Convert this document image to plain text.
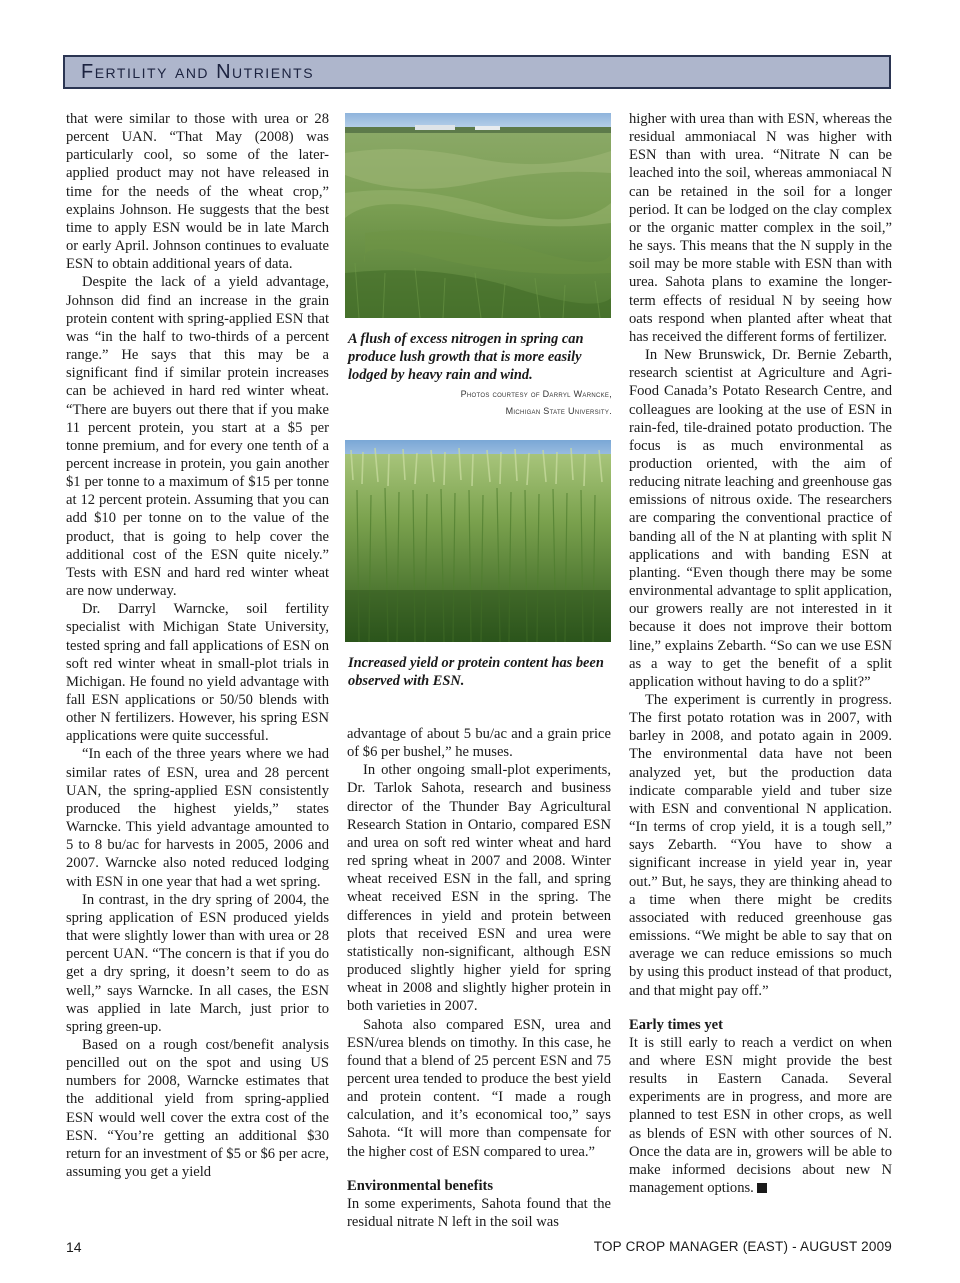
Fertility and Nutrients

that were similar to those with urea or 28 percent UAN. “That May (2008) was particularly cool, so some of the later-applied product may not have released in time for the needs of the wheat crop,” explains Johnson. He suggests that the best time to apply ESN would be in late March or early April. Johnson continues to evaluate ESN to obtain additional years of data.

Despite the lack of a yield advantage, Johnson did find an increase in the grain protein content with spring-applied ESN that was “in the half to two-thirds of a percent range.” He says that this may be a significant find if similar protein increases can be achieved in hard red winter wheat. “There are buyers out there that if you make 11 percent protein, you start at a $5 per tonne premium, and for every one tenth of a percent increase in protein, you gain another $1 per tonne to a maximum of $15 per tonne at 12 percent protein. Assuming that you can add $10 per tonne on to the value of the product, that is going to help cover the additional cost of the ESN quite nicely.” Tests with ESN and hard red winter wheat are now underway.

Dr. Darryl Warncke, soil fertility specialist with Michigan State University, tested spring and fall applications of ESN on soft red winter wheat in small-plot trials in Michigan. He found no yield advantage with fall ESN applications or 50/50 blends with other N fertilizers. However, his spring ESN applications were quite successful.

“In each of the three years where we had similar rates of ESN, urea and 28 percent UAN, the spring-applied ESN consistently produced the highest yields,” states Warncke. This yield advantage amounted to 5 to 8 bu/ac for harvests in 2005, 2006 and 2007. Warncke also noted reduced lodging with ESN in one year that had a wet spring.

In contrast, in the dry spring of 2004, the spring application of ESN produced yields that were slightly lower than with urea or 28 percent UAN. “The concern is that if you do get a dry spring, it doesn’t seem to do as well,” says Warncke. In all cases, the ESN was applied in late March, just prior to spring green-up.

Based on a rough cost/benefit analysis pencilled out on the spot and using US numbers for 2008, Warncke estimates that the additional yield from spring-applied ESN would well cover the extra cost of the ESN. “You’re getting an additional $30 return for an investment of $5 or $6 per acre, assuming you get a yield

A flush of excess nitrogen in spring can produce lush growth that is more easily lodged by heavy rain and wind.
Photos courtesy of Darryl Warncke,
Michigan State University.
Increased yield or protein content has been observed with ESN.

advantage of about 5 bu/ac and a grain price of $6 per bushel,” he muses.

In other ongoing small-plot experiments, Dr. Tarlok Sahota, research and business director of the Thunder Bay Agricultural Research Station in Ontario, compared ESN and urea on soft red winter wheat and hard red spring wheat in 2007 and 2008. Winter wheat received ESN in the fall, and spring wheat received ESN in the spring. The differences in yield and protein between plots that received ESN and urea were statistically non-significant, although ESN produced slightly higher yield for spring wheat in 2008 and slightly higher protein in both varieties in 2007.

Sahota also compared ESN, urea and ESN/urea blends on timothy. In this case, he found that a blend of 25 percent ESN and 75 percent urea tended to produce the best yield and protein content. “I made a rough calculation, and it’s economical too,” says Sahota. “It will more than compensate for the higher cost of ESN compared to urea.”

Environmental benefits

In some experiments, Sahota found that the residual nitrate N left in the soil was

higher with urea than with ESN, whereas the residual ammoniacal N was higher with ESN than with urea. “Nitrate N can be leached into the soil, whereas ammoniacal N can be retained in the soil for a longer period. It can be lodged on the clay complex or the organic matter complex in the soil,” he says. This means that the N supply in the soil may be more stable with ESN than with urea. Sahota plans to examine the longer-term effects of residual N by seeing how oats respond when planted after wheat that has received the different forms of fertilizer.

In New Brunswick, Dr. Bernie Zebarth, research scientist at Agriculture and Agri-Food Canada’s Potato Research Centre, and colleagues are looking at the use of ESN in rain-fed, tile-drained potato production. The focus is as much environmental as production oriented, with the aim of reducing nitrate leaching and greenhouse gas emissions of nitrous oxide. The researchers are comparing the conventional practice of banding all of the N at planting with split N applications and with banding ESN at planting. “Even though there may be some environmental advantage to split application, our growers really are not interested in it because it does not improve their bottom line,” explains Zebarth. “So can we use ESN as a way to get the benefit of a split application without having to do a split?”

The experiment is currently in progress. The first potato rotation was in 2007, with barley in 2008, and potato again in 2009. The environmental data have not been analyzed yet, but the production data indicate comparable yield and tuber size with ESN and conventional N application. “In terms of crop yield, it is a tough sell,” says Zebarth. “You have to show a significant increase in yield year in, year out.” But, he says, they are thinking ahead to a time when there might be credits associated with reduced greenhouse gas emissions. “We might be able to say that on average we can reduce emissions so much by using this product instead of that product, and that might pay off.”

Early times yet

It is still early to reach a verdict on when and where ESN might provide the best results in Eastern Canada. Several experiments are in progress, and more are planned to test ESN in other crops, as well as blends of ESN with other sources of N. Once the data are in, growers will be able to make informed decisions about new N management options.

14	TOP CROP MANAGER (EAST) - AUGUST 2009
